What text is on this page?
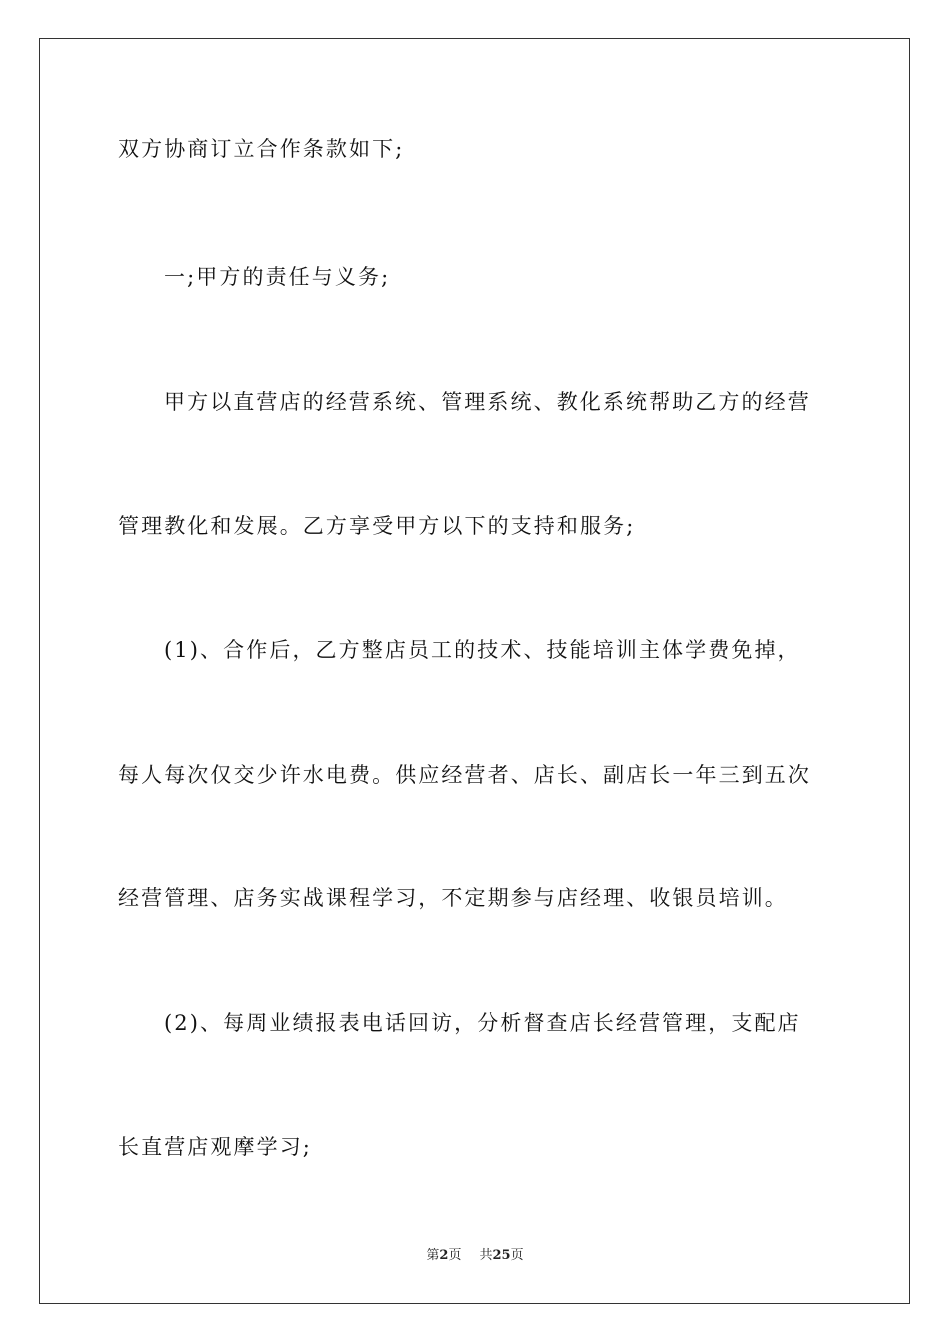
双方协商订立合作条款如下;
一;甲方的责任与义务;
甲方以直营店的经营系统、管理系统、教化系统帮助乙方的经营
管理教化和发展。乙方享受甲方以下的支持和服务;
(1)、合作后，乙方整店员工的技术、技能培训主体学费免掉，
每人每次仅交少许水电费。供应经营者、店长、副店长一年三到五次
经营管理、店务实战课程学习，不定期参与店经理、收银员培训。
(2)、每周业绩报表电话回访，分析督查店长经营管理，支配店
长直营店观摩学习;
第2页 共25页
